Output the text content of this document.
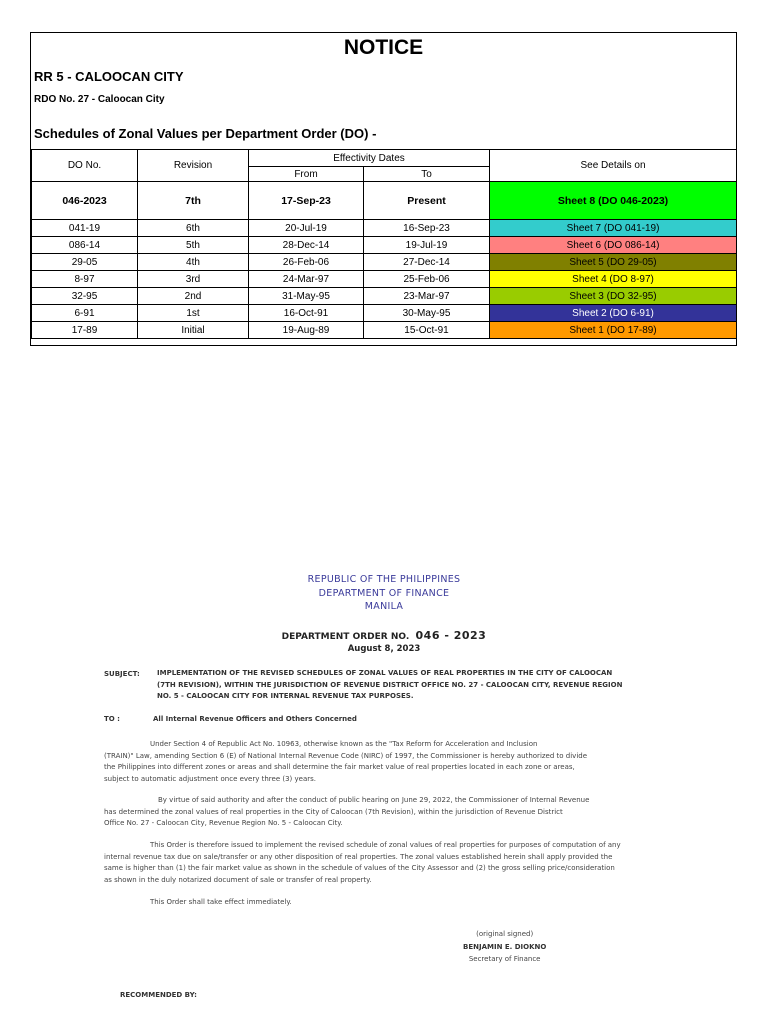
NOTICE
RR 5 - CALOOCAN CITY
RDO No. 27 - Caloocan City
Schedules of Zonal Values per Department Order (DO) -
DO No.	Revision	Effectivity Dates		See Details on
		From	To	
046-2023	7th	17-Sep-23	Present	Sheet 8 (DO 046-2023)
041-19	6th	20-Jul-19	16-Sep-23	Sheet 7 (DO 041-19)
086-14	5th	28-Dec-14	19-Jul-19	Sheet 6 (DO 086-14)
29-05	4th	26-Feb-06	27-Dec-14	Sheet 5 (DO 29-05)
8-97	3rd	24-Mar-97	25-Feb-06	Sheet 4 (DO 8-97)
32-95	2nd	31-May-95	23-Mar-97	Sheet 3 (DO 32-95)
6-91	1st	16-Oct-91	30-May-95	Sheet 2 (DO 6-91)
17-89	Initial	19-Aug-89	15-Oct-91	Sheet 1 (DO 17-89)
REPUBLIC OF THE PHILIPPINES
DEPARTMENT OF FINANCE
MANILA
DEPARTMENT ORDER NO. 046 - 2023
August 8, 2023
SUBJECT: IMPLEMENTATION OF THE REVISED SCHEDULES OF ZONAL VALUES OF REAL PROPERTIES IN THE CITY OF CALOOCAN
(7TH REVISION), WITHIN THE JURISDICTION OF REVENUE DISTRICT OFFICE NO. 27 - CALOOCAN CITY, REVENUE REGION
NO. 5 - CALOOCAN CITY FOR INTERNAL REVENUE TAX PURPOSES.
TO :	All Internal Revenue Officers and Others Concerned
Under Section 4 of Republic Act No. 10963, otherwise known as the "Tax Reform for Acceleration and Inclusion
(TRAIN)" Law, amending Section 6 (E) of National Internal Revenue Code (NIRC) of 1997, the Commissioner is hereby authorized to divide
the Philippines into different zones or areas and shall determine the fair market value of real properties located in each zone or areas,
subject to automatic adjustment once every three (3) years.
By virtue of said authority and after the conduct of public hearing on June 29, 2022, the Commissioner of Internal Revenue
has determined the zonal values of real properties in the City of Caloocan (7th Revision), within the jurisdiction of Revenue District
Office No. 27 - Caloocan City, Revenue Region No. 5 - Caloocan City.
This Order is therefore issued to implement the revised schedule of zonal values of real properties for purposes of computation of any
internal revenue tax due on sale/transfer or any other disposition of real properties. The zonal values established herein shall apply provided the
same is higher than (1) the fair market value as shown in the schedule of values of the City Assessor and (2) the gross selling price/consideration
as shown in the duly notarized document of sale or transfer of real property.
This Order shall take effect immediately.
(original signed)
BENJAMIN E. DIOKNO
Secretary of Finance
RECOMMENDED BY:
